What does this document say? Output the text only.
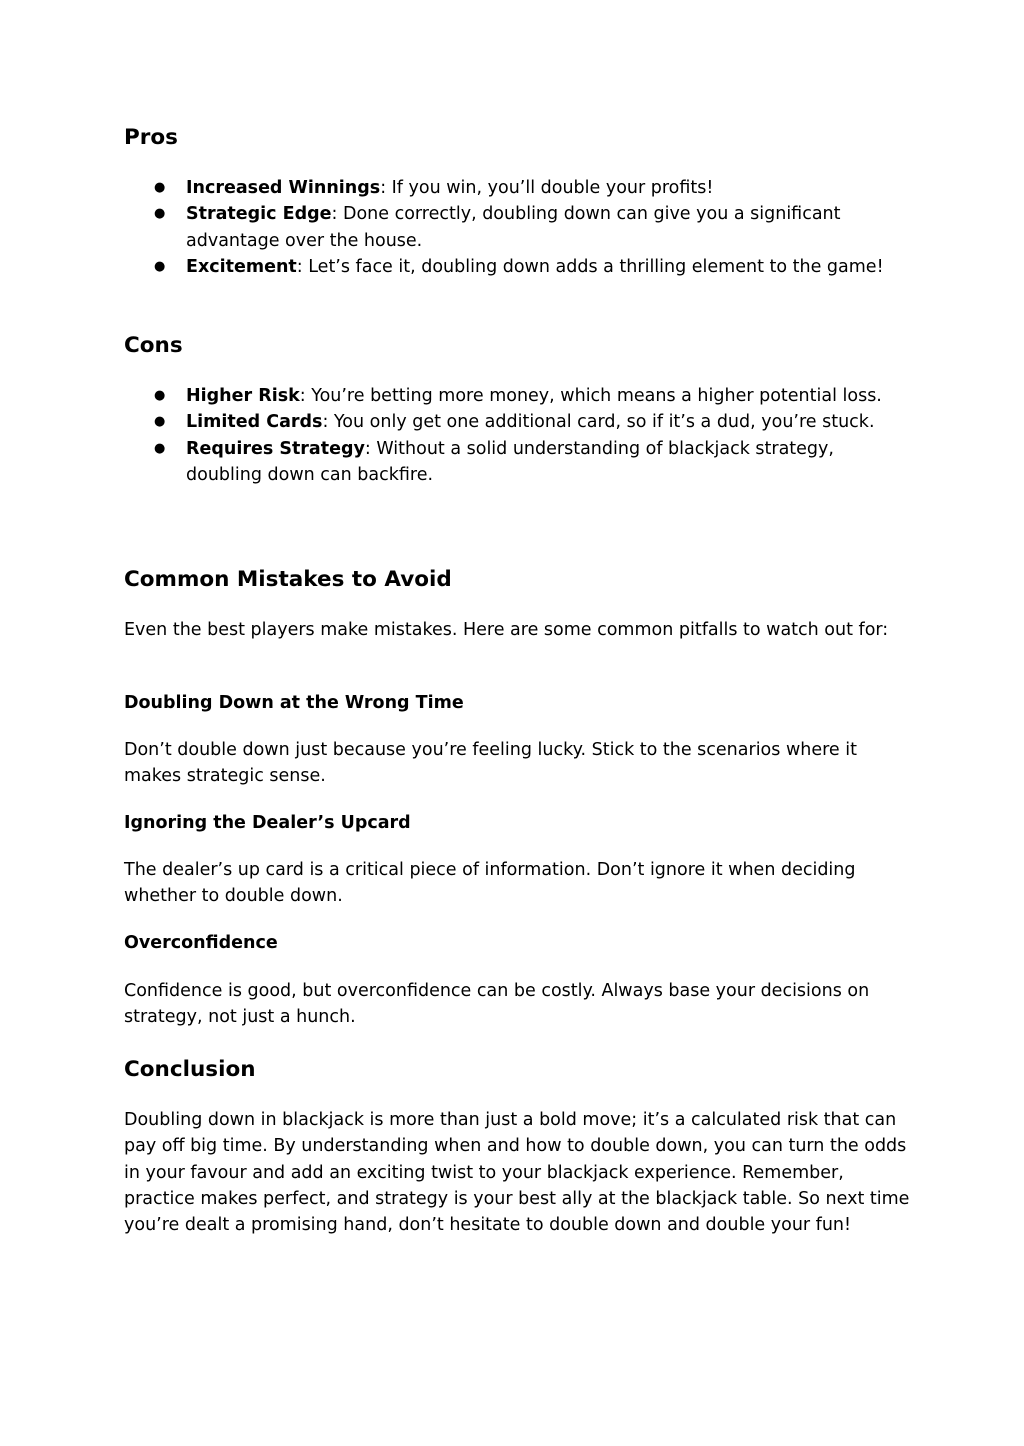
Pros
● Increased Winnings: If you win, you’ll double your profits!
● Strategic Edge: Done correctly, doubling down can give you a significant advantage over the house.
● Excitement: Let’s face it, doubling down adds a thrilling element to the game!
Cons
● Higher Risk: You’re betting more money, which means a higher potential loss.
● Limited Cards: You only get one additional card, so if it’s a dud, you’re stuck.
● Requires Strategy: Without a solid understanding of blackjack strategy, doubling down can backfire.
Common Mistakes to Avoid

Even the best players make mistakes. Here are some common pitfalls to watch out for:

Doubling Down at the Wrong Time

Don’t double down just because you’re feeling lucky. Stick to the scenarios where it makes strategic sense.

Ignoring the Dealer’s Upcard

The dealer’s up card is a critical piece of information. Don’t ignore it when deciding whether to double down.

Overconfidence

Confidence is good, but overconfidence can be costly. Always base your decisions on strategy, not just a hunch.

Conclusion

Doubling down in blackjack is more than just a bold move; it’s a calculated risk that can pay off big time. By understanding when and how to double down, you can turn the odds in your favour and add an exciting twist to your blackjack experience. Remember, practice makes perfect, and strategy is your best ally at the blackjack table. So next time you’re dealt a promising hand, don’t hesitate to double down and double your fun!
